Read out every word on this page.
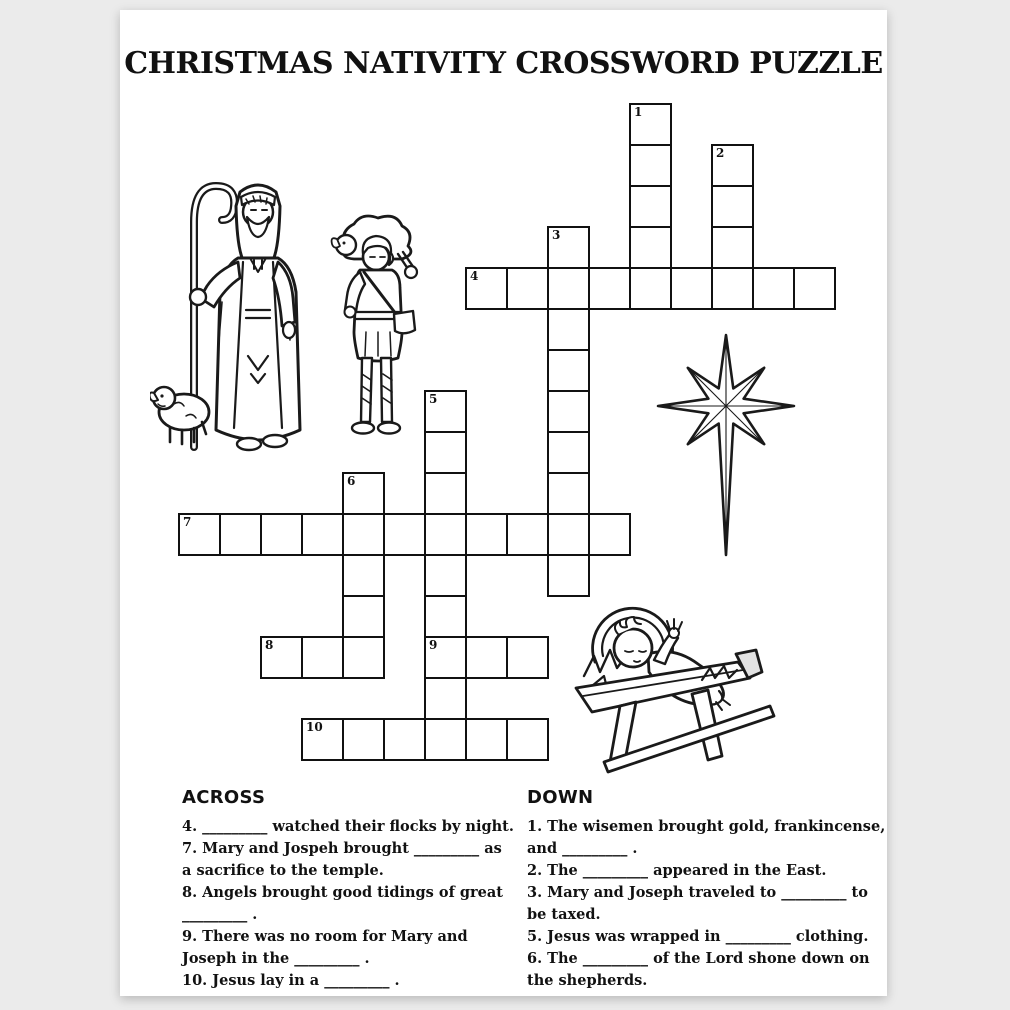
CHRISTMAS NATIVITY CROSSWORD PUZZLE
1
2
3
4
5
9
6
7
8
10
ACROSS

4. _________ watched their flocks by night.

7. Mary and Jospeh brought _________ as a sacrifice to the temple.

8. Angels brought good tidings of great _________ .

9. There was no room for Mary and Joseph in the _________ .

10. Jesus lay in a _________ .

DOWN

1. The wisemen brought gold, frankincense, and _________ .

2. The _________ appeared in the East.

3. Mary and Joseph traveled to _________ to be taxed.

5. Jesus was wrapped in _________ clothing.

6. The _________ of the Lord shone down on the shepherds.
